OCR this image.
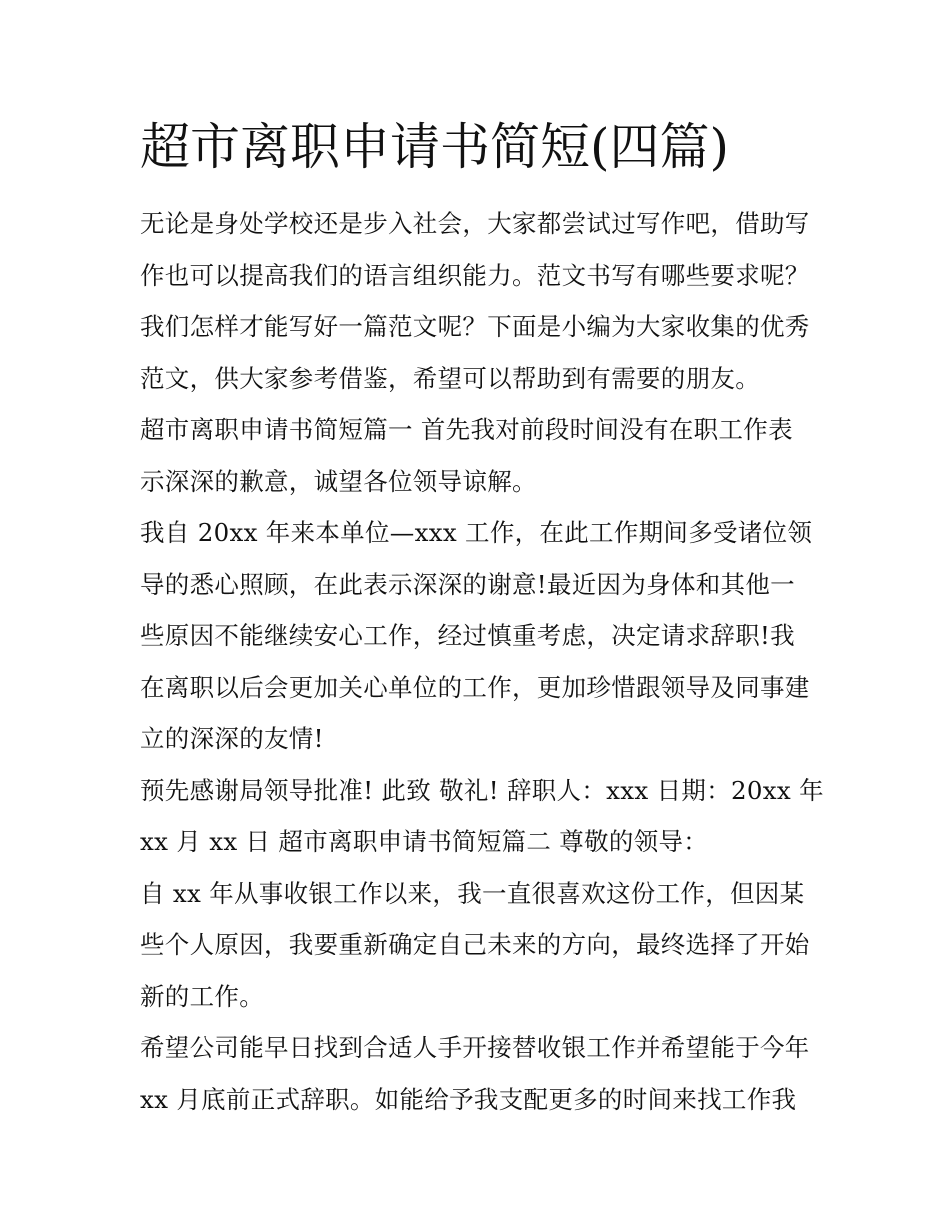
超市离职申请书简短(四篇)

无论是身处学校还是步入社会，大家都尝试过写作吧，借助写
作也可以提高我们的语言组织能力。范文书写有哪些要求呢？
我们怎样才能写好一篇范文呢？下面是小编为大家收集的优秀
范文，供大家参考借鉴，希望可以帮助到有需要的朋友。

超市离职申请书简短篇一 首先我对前段时间没有在职工作表
示深深的歉意，诚望各位领导谅解。

我自 20xx 年来本单位—xxx 工作，在此工作期间多受诸位领
导的悉心照顾，在此表示深深的谢意!最近因为身体和其他一
些原因不能继续安心工作，经过慎重考虑，决定请求辞职!我
在离职以后会更加关心单位的工作，更加珍惜跟领导及同事建
立的深深的友情!

预先感谢局领导批准! 此致 敬礼! 辞职人：xxx 日期：20xx 年
xx 月 xx 日 超市离职申请书简短篇二 尊敬的领导：

自 xx 年从事收银工作以来，我一直很喜欢这份工作，但因某
些个人原因，我要重新确定自己未来的方向，最终选择了开始
新的工作。

希望公司能早日找到合适人手开接替收银工作并希望能于今年
xx 月底前正式辞职。如能给予我支配更多的时间来找工作我
